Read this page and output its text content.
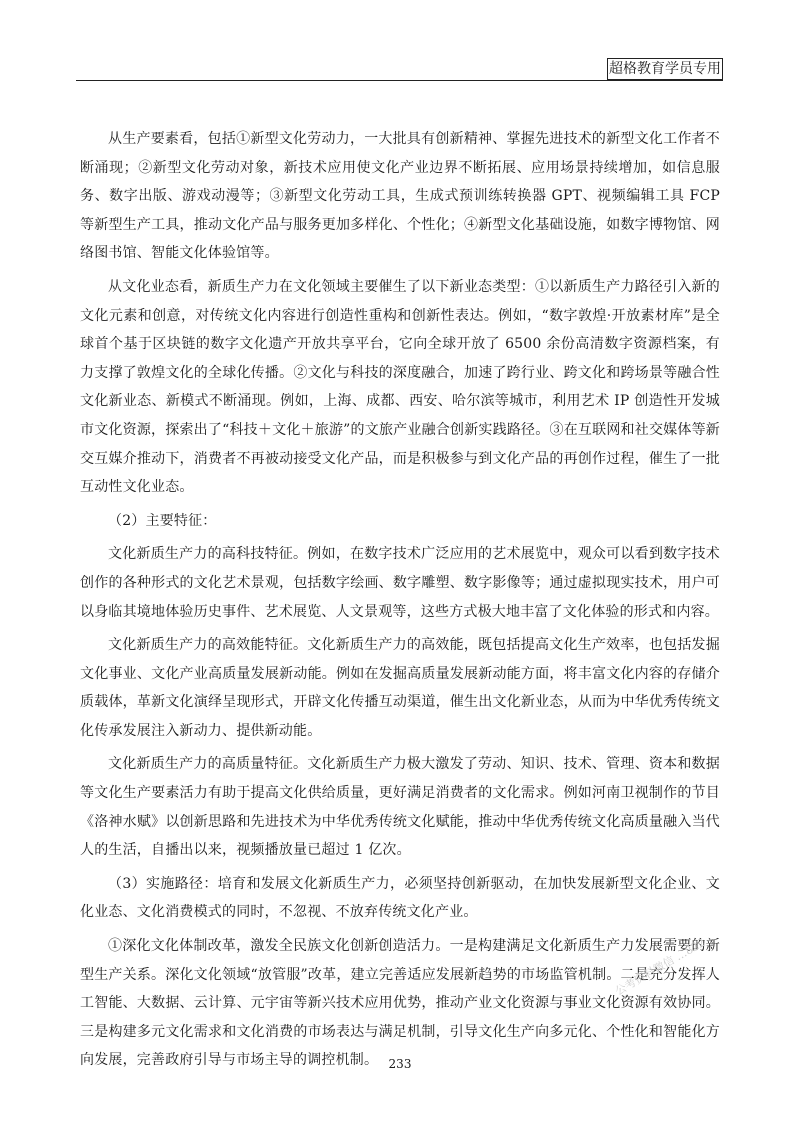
超格教育学员专用

从生产要素看，包括①新型文化劳动力，一大批具有创新精神、掌握先进技术的新型文化工作者不断涌现；②新型文化劳动对象，新技术应用使文化产业边界不断拓展、应用场景持续增加，如信息服务、数字出版、游戏动漫等；③新型文化劳动工具，生成式预训练转换器 GPT、视频编辑工具 FCP 等新型生产工具，推动文化产品与服务更加多样化、个性化；④新型文化基础设施，如数字博物馆、网络图书馆、智能文化体验馆等。

从文化业态看，新质生产力在文化领域主要催生了以下新业态类型：①以新质生产力路径引入新的文化元素和创意，对传统文化内容进行创造性重构和创新性表达。例如，“数字敦煌·开放素材库”是全球首个基于区块链的数字文化遗产开放共享平台，它向全球开放了 6500 余份高清数字资源档案，有力支撑了敦煌文化的全球化传播。②文化与科技的深度融合，加速了跨行业、跨文化和跨场景等融合性文化新业态、新模式不断涌现。例如，上海、成都、西安、哈尔滨等城市，利用艺术 IP 创造性开发城市文化资源，探索出了“科技＋文化＋旅游”的文旅产业融合创新实践路径。③在互联网和社交媒体等新交互媒介推动下，消费者不再被动接受文化产品，而是积极参与到文化产品的再创作过程，催生了一批互动性文化业态。

（2）主要特征：

文化新质生产力的高科技特征。例如，在数字技术广泛应用的艺术展览中，观众可以看到数字技术创作的各种形式的文化艺术景观，包括数字绘画、数字雕塑、数字影像等；通过虚拟现实技术，用户可以身临其境地体验历史事件、艺术展览、人文景观等，这些方式极大地丰富了文化体验的形式和内容。

文化新质生产力的高效能特征。文化新质生产力的高效能，既包括提高文化生产效率，也包括发掘文化事业、文化产业高质量发展新动能。例如在发掘高质量发展新动能方面，将丰富文化内容的存储介质载体，革新文化演绎呈现形式，开辟文化传播互动渠道，催生出文化新业态，从而为中华优秀传统文化传承发展注入新动力、提供新动能。

文化新质生产力的高质量特征。文化新质生产力极大激发了劳动、知识、技术、管理、资本和数据等文化生产要素活力有助于提高文化供给质量，更好满足消费者的文化需求。例如河南卫视制作的节目《洛神水赋》以创新思路和先进技术为中华优秀传统文化赋能，推动中华优秀传统文化高质量融入当代人的生活，自播出以来，视频播放量已超过 1 亿次。

（3）实施路径：培育和发展文化新质生产力，必须坚持创新驱动，在加快发展新型文化企业、文化业态、文化消费模式的同时，不忽视、不放弃传统文化产业。

①深化文化体制改革，激发全民族文化创新创造活力。一是构建满足文化新质生产力发展需要的新型生产关系。深化文化领域“放管服”改革，建立完善适应发展新趋势的市场监管机制。二是充分发挥人工智能、大数据、云计算、元宇宙等新兴技术应用优势，推动产业文化资源与事业文化资源有效协同。三是构建多元文化需求和文化消费的市场表达与满足机制，引导文化生产向多元化、个性化和智能化方向发展，完善政府引导与市场主导的调控机制。

公考资料微信 …822
233
